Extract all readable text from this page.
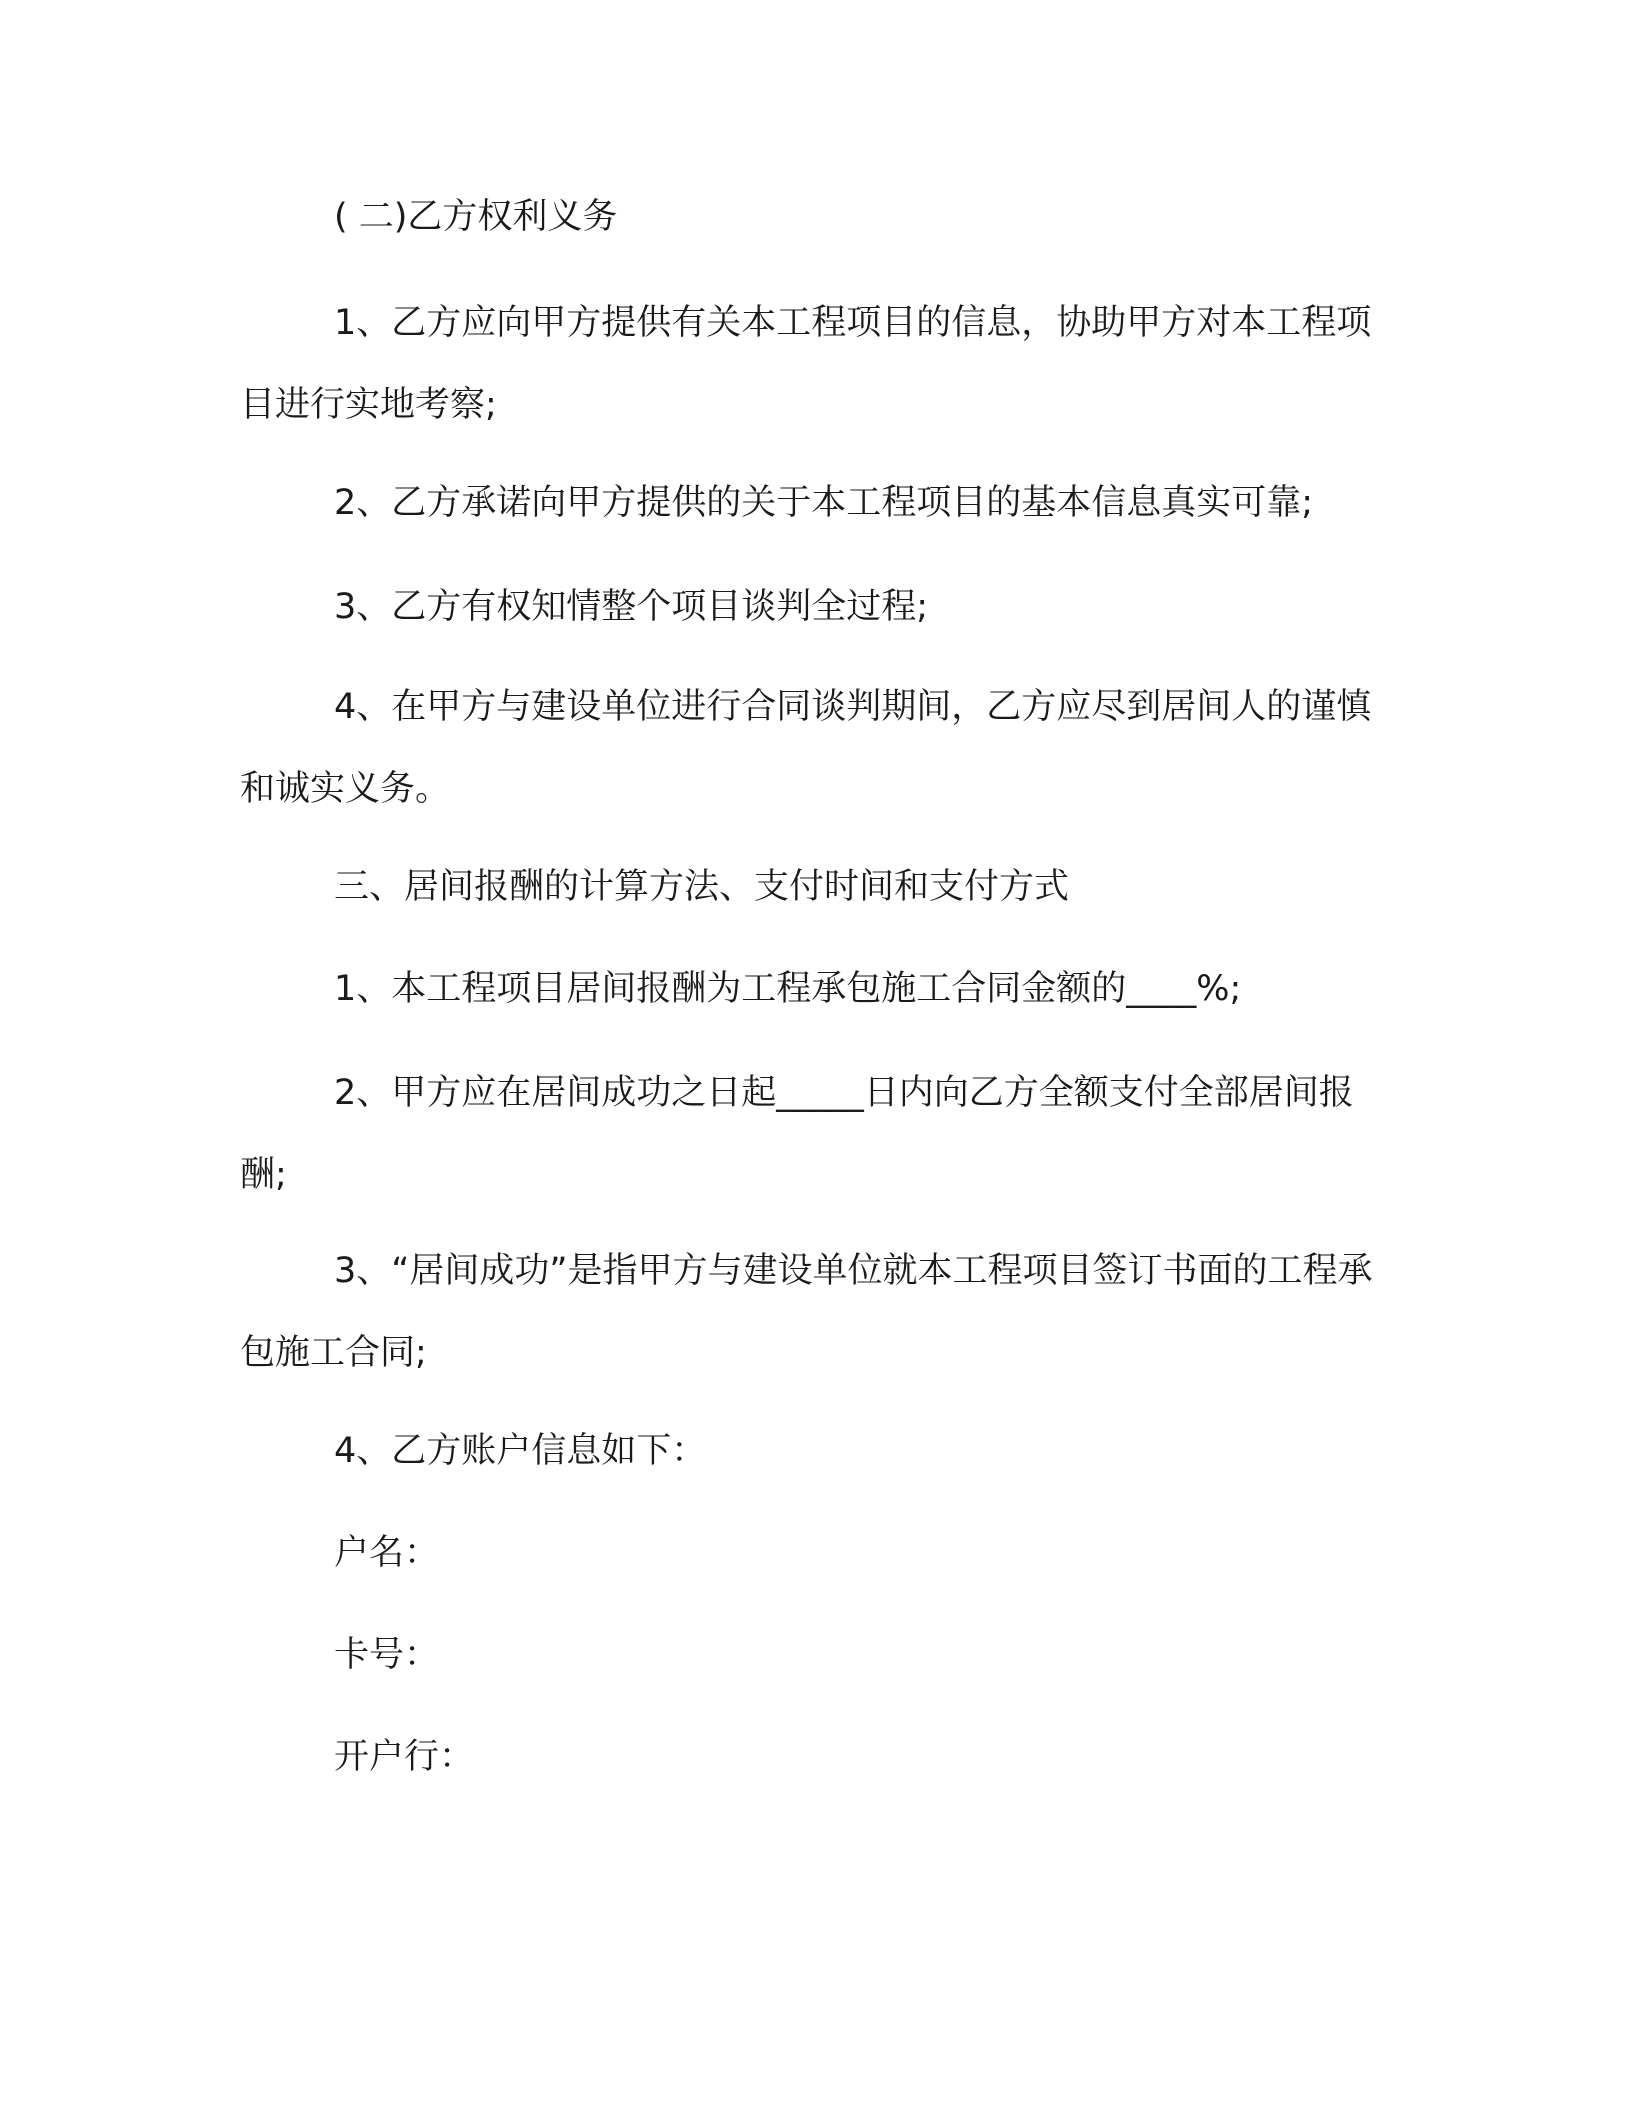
( 二)乙方权利义务

1、乙方应向甲方提供有关本工程项目的信息，协助甲方对本工程项目进行实地考察;

2、乙方承诺向甲方提供的关于本工程项目的基本信息真实可靠;

3、乙方有权知情整个项目谈判全过程;

4、在甲方与建设单位进行合同谈判期间，乙方应尽到居间人的谨慎和诚实义务。

三、居间报酬的计算方法、支付时间和支付方式

1、本工程项目居间报酬为工程承包施工合同金额的____%;

2、甲方应在居间成功之日起_____日内向乙方全额支付全部居间报酬;

3、“居间成功”是指甲方与建设单位就本工程项目签订书面的工程承包施工合同;

4、乙方账户信息如下：

户名：

卡号：

开户行：
